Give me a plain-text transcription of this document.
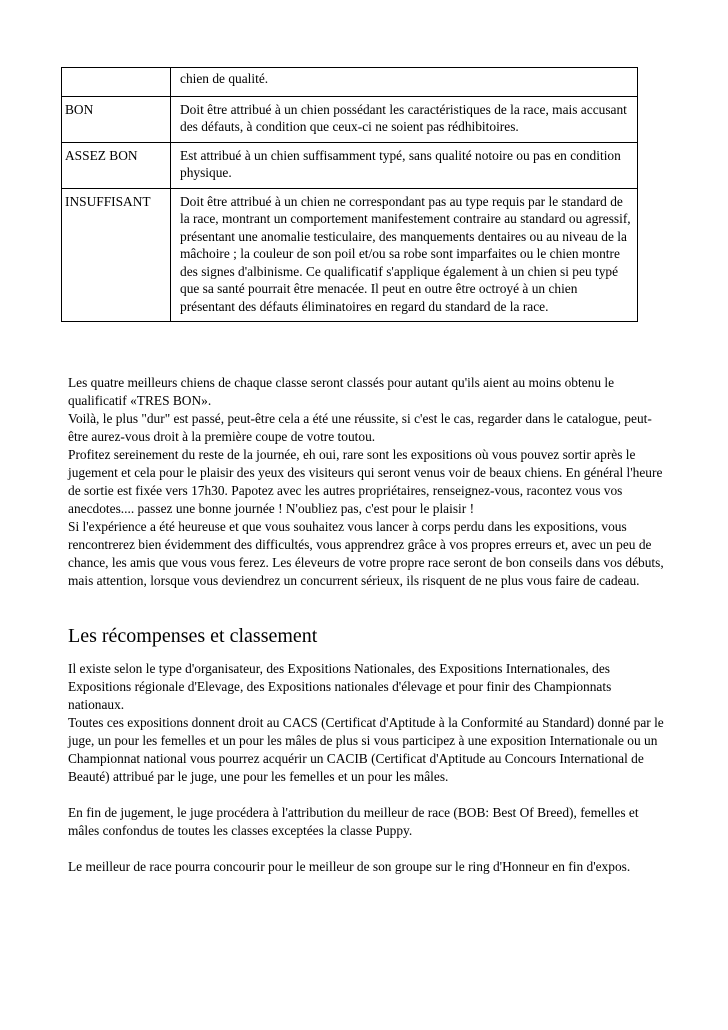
	chien de qualité.
BON	Doit être attribué à un chien possédant les caractéristiques de la race, mais accusant des défauts, à condition que ceux-ci ne soient pas rédhibitoires.
ASSEZ BON	Est attribué à un chien suffisamment typé, sans qualité notoire ou pas en condition physique.
INSUFFISANT	Doit être attribué à un chien ne correspondant pas au type requis par le standard de la race, montrant un comportement manifestement contraire au standard ou agressif, présentant une anomalie testiculaire, des manquements dentaires ou au niveau de la mâchoire ; la couleur de son poil et/ou sa robe sont imparfaites ou le chien montre des signes d'albinisme. Ce qualificatif s'applique également à un chien si peu typé que sa santé pourrait être menacée. Il peut en outre être octroyé à un chien présentant des défauts éliminatoires en regard du standard de la race.

Les quatre meilleurs chiens de chaque classe seront classés pour autant qu'ils aient au moins obtenu le qualificatif «TRES BON».

Voilà, le plus "dur" est passé, peut-être cela a été une réussite, si c'est le cas, regarder dans le catalogue, peut-être aurez-vous droit à la première coupe de votre toutou.

Profitez sereinement du reste de la journée, eh oui, rare sont les expositions où vous pouvez sortir après le jugement et cela pour le plaisir des yeux des visiteurs qui seront venus voir de beaux chiens. En général l'heure de sortie est fixée vers 17h30. Papotez avec les autres propriétaires, renseignez-vous, racontez vous vos anecdotes.... passez une bonne journée ! N'oubliez pas, c'est pour le plaisir !

Si l'expérience a été heureuse et que vous souhaitez vous lancer à corps perdu dans les expositions, vous rencontrerez bien évidemment des difficultés, vous apprendrez grâce à vos propres erreurs et, avec un peu de chance, les amis que vous vous ferez. Les éleveurs de votre propre race seront de bon conseils dans vos débuts, mais attention, lorsque vous deviendrez un concurrent sérieux, ils risquent de ne plus vous faire de cadeau.

Les récompenses et classement

Il existe selon le type d'organisateur, des Expositions Nationales, des Expositions Internationales, des Expositions régionale d'Elevage, des Expositions nationales d'élevage et pour finir des Championnats nationaux.

Toutes ces expositions donnent droit au CACS (Certificat d'Aptitude à la Conformité au Standard) donné par le juge, un pour les femelles et un pour les mâles de plus si vous participez à une exposition Internationale ou un Championnat national vous pourrez acquérir un CACIB (Certificat d'Aptitude au Concours International de Beauté) attribué par le juge, une pour les femelles et un pour les mâles.

En fin de jugement, le juge procédera à l'attribution du meilleur de race (BOB: Best Of Breed), femelles et mâles confondus de toutes les classes exceptées la classe Puppy.

Le meilleur de race pourra concourir pour le meilleur de son groupe sur le ring d'Honneur en fin d'expos.
